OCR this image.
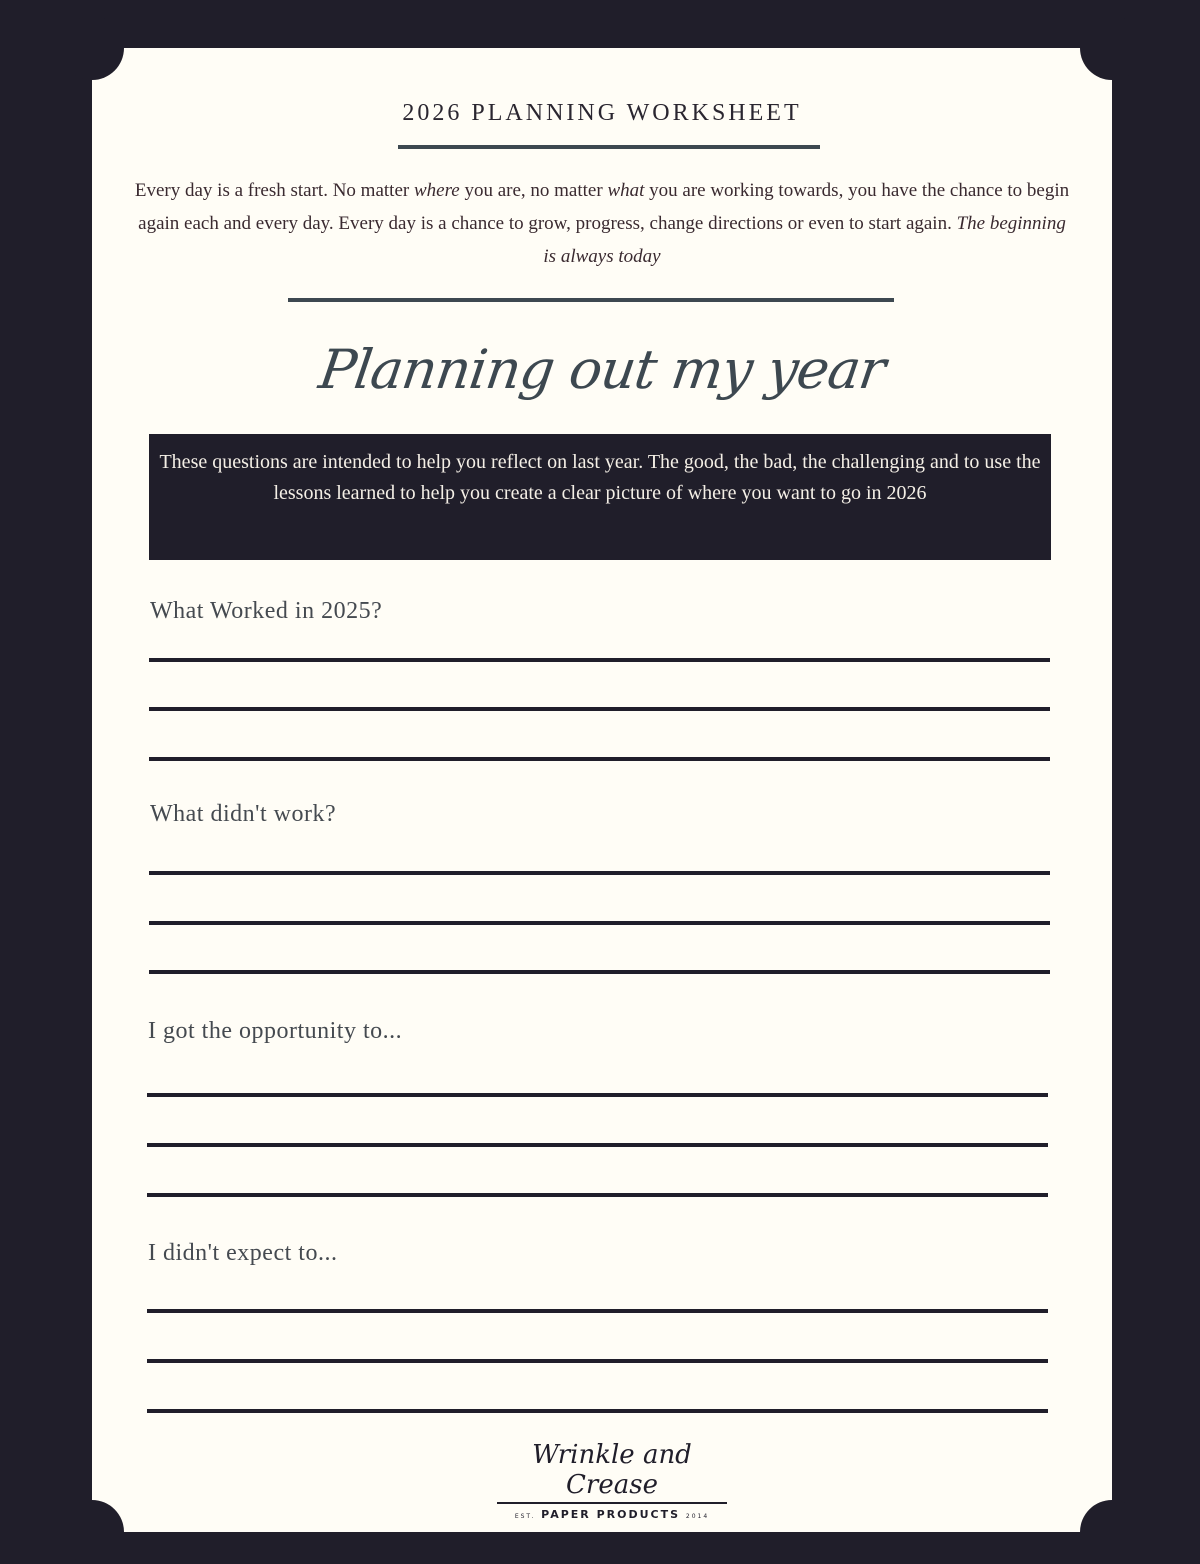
2026 PLANNING WORKSHEET
Every day is a fresh start. No matter where you are, no matter what you are working towards, you have the chance to begin again each and every day. Every day is a chance to grow, progress, change directions or even to start again. The beginning is always today
Planning out my year
These questions are intended to help you reflect on last year. The good, the bad, the challenging and to use the lessons learned to help you create a clear picture of where you want to go in 2026
What Worked in 2025?
What didn't work?
I got the opportunity to...
I didn't expect to...
Wrinkle and Crease
EST. PAPER PRODUCTS 2014
